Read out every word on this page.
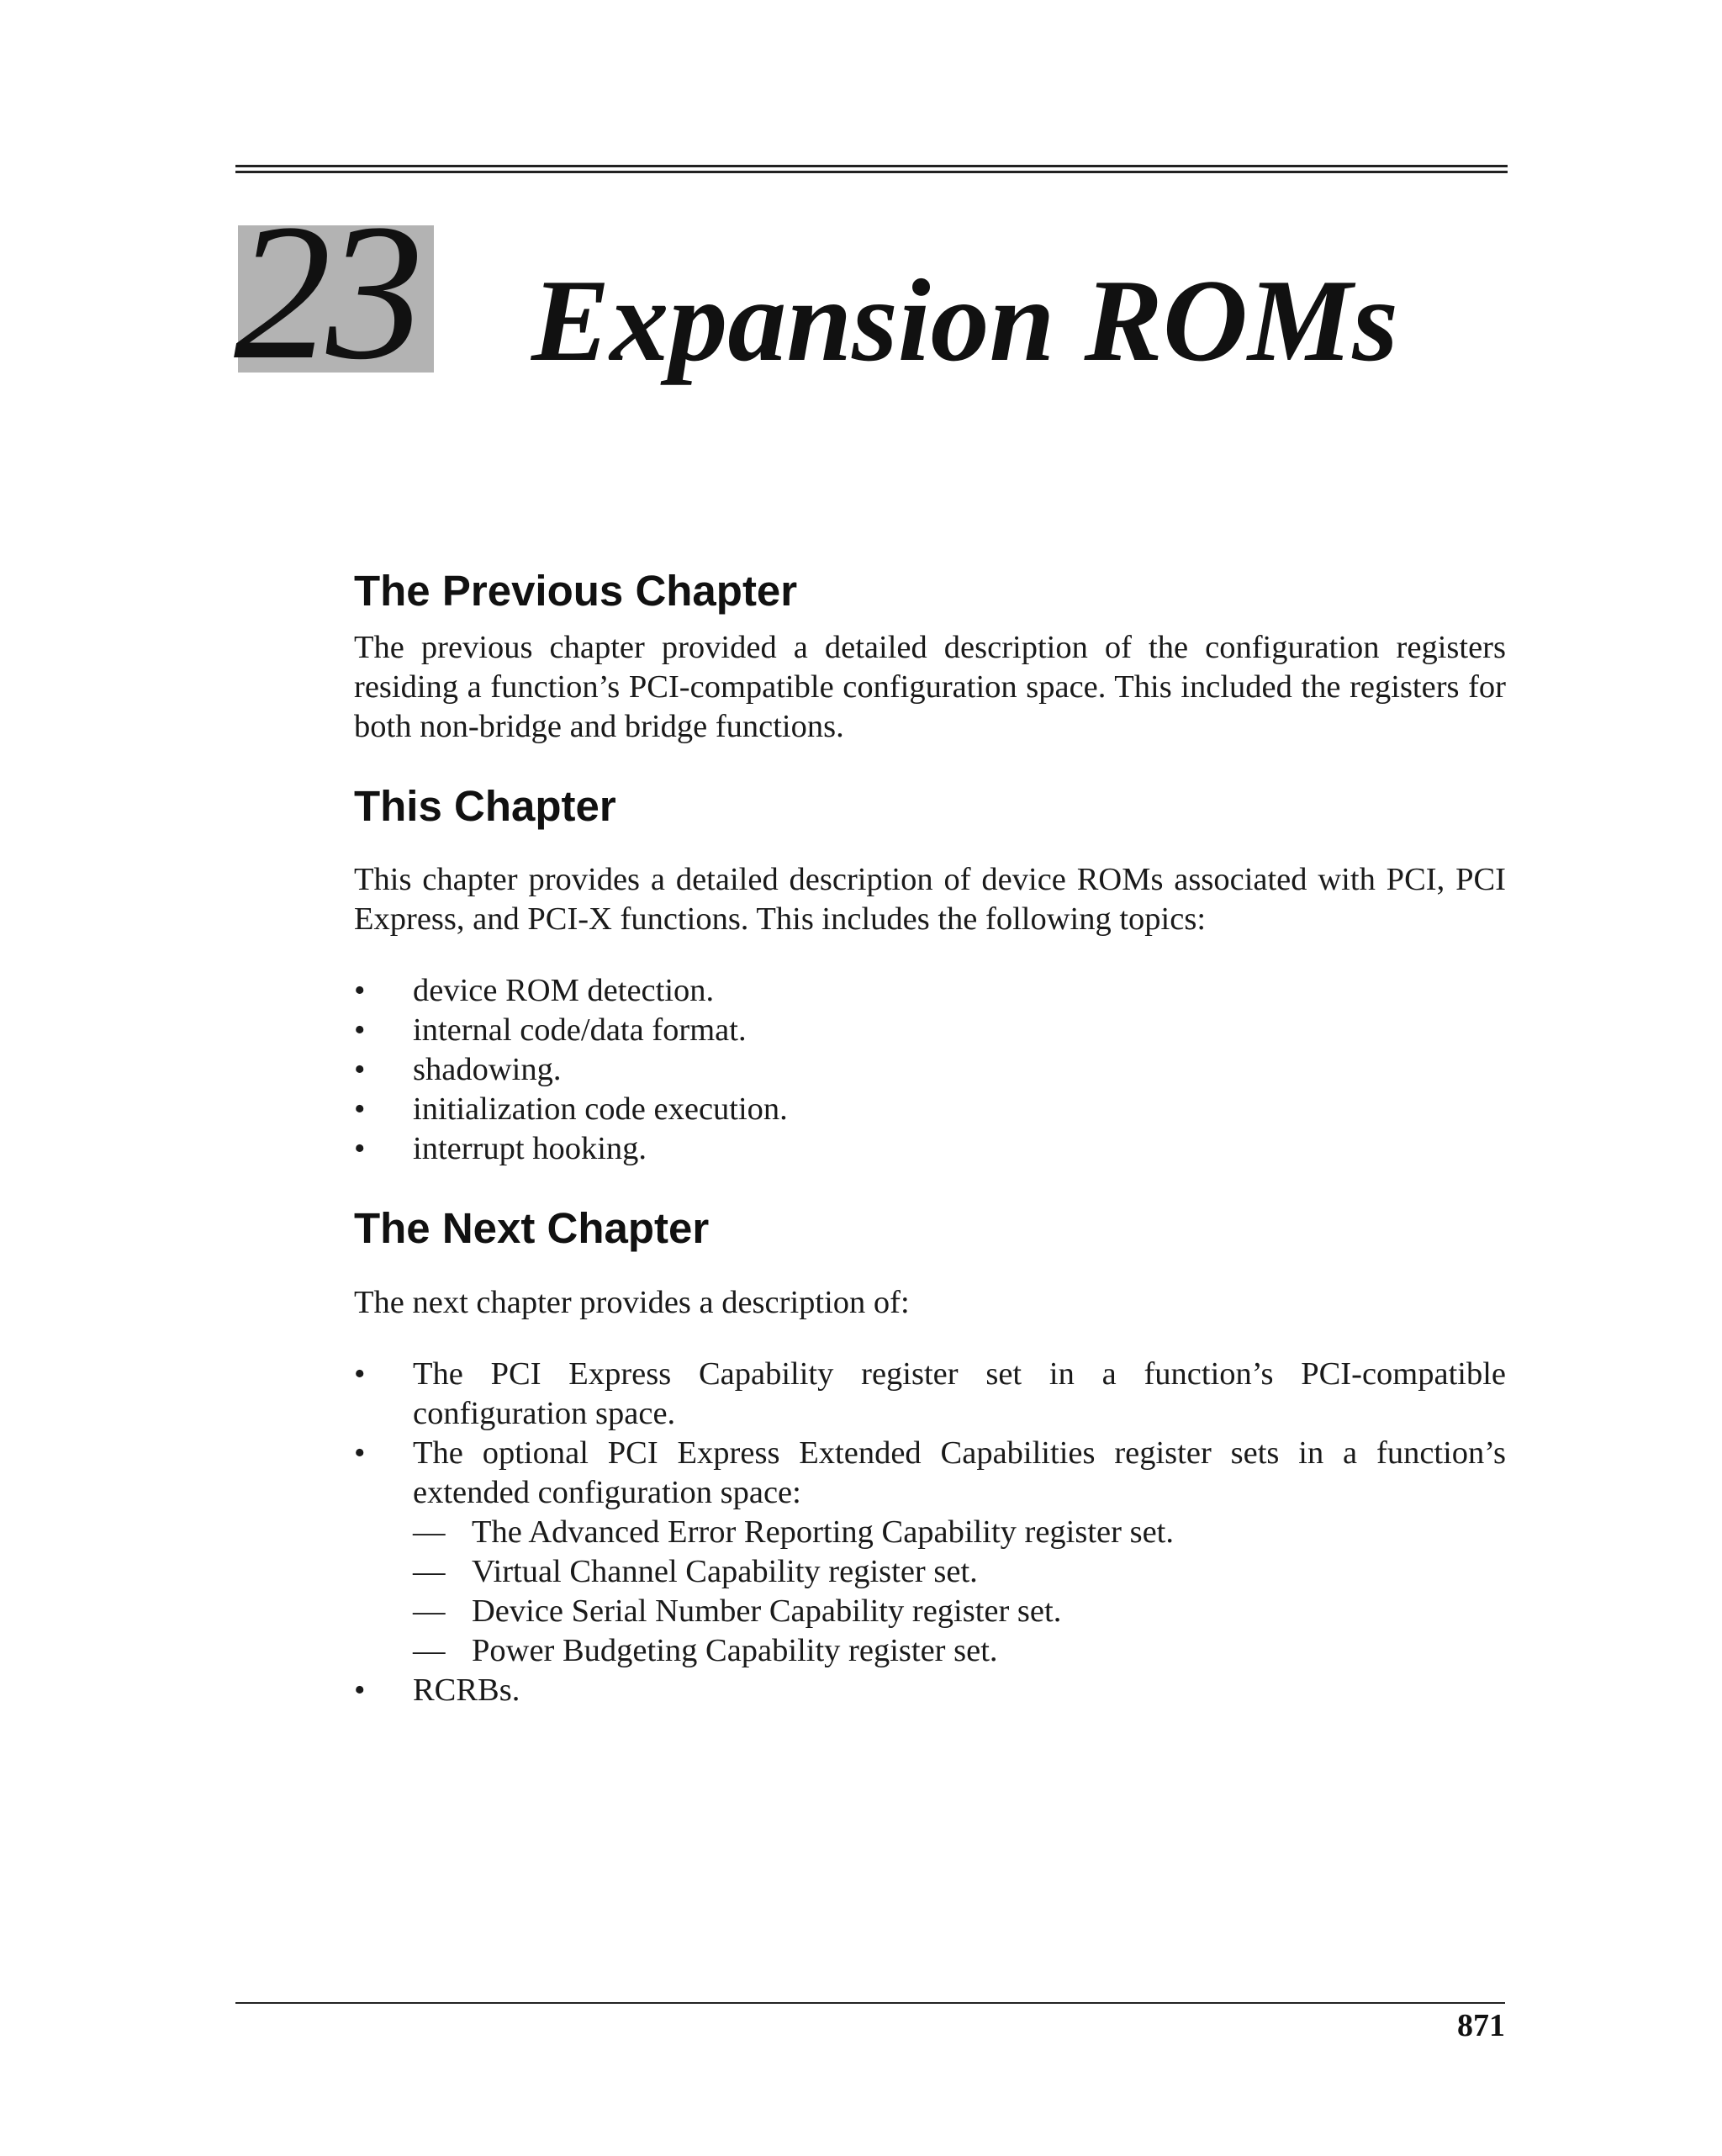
23 Expansion ROMs
The Previous Chapter

The previous chapter provided a detailed description of the configuration registers residing a function’s PCI-compatible configuration space. This included the registers for both non-bridge and bridge functions.

This Chapter

This chapter provides a detailed description of device ROMs associated with PCI, PCI Express, and PCI-X functions. This includes the following topics:

•	device ROM detection.
•	internal code/data format.
•	shadowing.
•	initialization code execution.
•	interrupt hooking.
The Next Chapter

The next chapter provides a description of:

•	The PCI Express Capability register set in a function’s PCI-compatible configuration space.
•	The optional PCI Express Extended Capabilities register sets in a function’s extended configuration space:
— The Advanced Error Reporting Capability register set.
— Virtual Channel Capability register set.
— Device Serial Number Capability register set.
— Power Budgeting Capability register set.
•	RCRBs.
871
